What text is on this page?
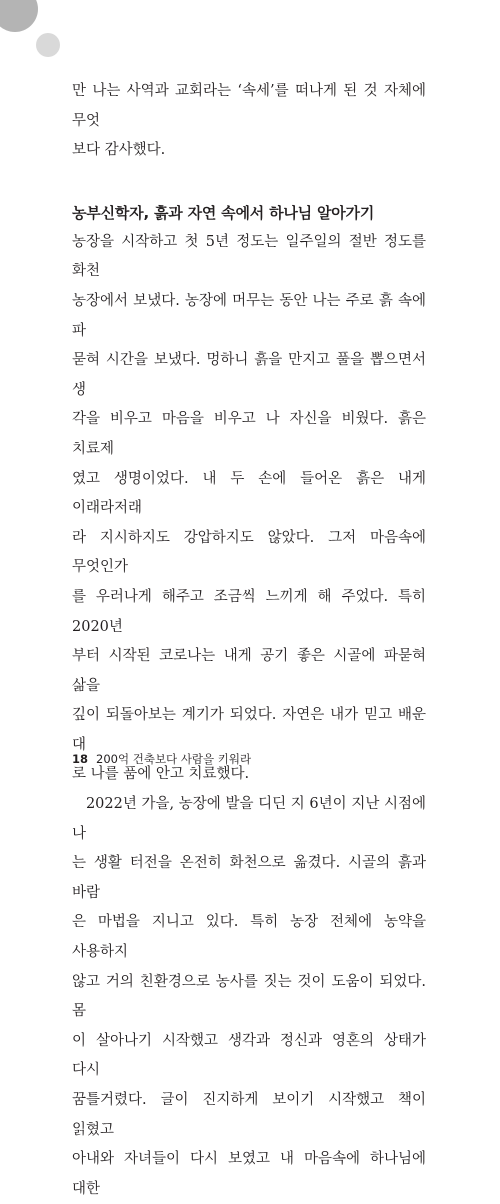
만 나는 사역과 교회라는 ‘속세’를 떠나게 된 것 자체에 무엇
보다 감사했다.

농부신학자, 흙과 자연 속에서 하나님 알아가기

농장을 시작하고 첫 5년 정도는 일주일의 절반 정도를 화천
농장에서 보냈다. 농장에 머무는 동안 나는 주로 흙 속에 파
묻혀 시간을 보냈다. 멍하니 흙을 만지고 풀을 뽑으면서 생
각을 비우고 마음을 비우고 나 자신을 비웠다. 흙은 치료제
였고 생명이었다. 내 두 손에 들어온 흙은 내게 이래라저래
라 지시하지도 강압하지도 않았다. 그저 마음속에 무엇인가
를 우러나게 해주고 조금씩 느끼게 해 주었다. 특히 2020년
부터 시작된 코로나는 내게 공기 좋은 시골에 파묻혀 삶을
깊이 되돌아보는 계기가 되었다. 자연은 내가 믿고 배운 대
로 나를 품에 안고 치료했다.

2022년 가을, 농장에 발을 디딘 지 6년이 지난 시점에 나
는 생활 터전을 온전히 화천으로 옮겼다. 시골의 흙과 바람
은 마법을 지니고 있다. 특히 농장 전체에 농약을 사용하지
않고 거의 친환경으로 농사를 짓는 것이 도움이 되었다. 몸
이 살아나기 시작했고 생각과 정신과 영혼의 상태가 다시
꿈틀거렸다. 글이 진지하게 보이기 시작했고 책이 읽혔고
아내와 자녀들이 다시 보였고 내 마음속에 하나님에 대한

18 200억 건축보다 사람을 키워라
